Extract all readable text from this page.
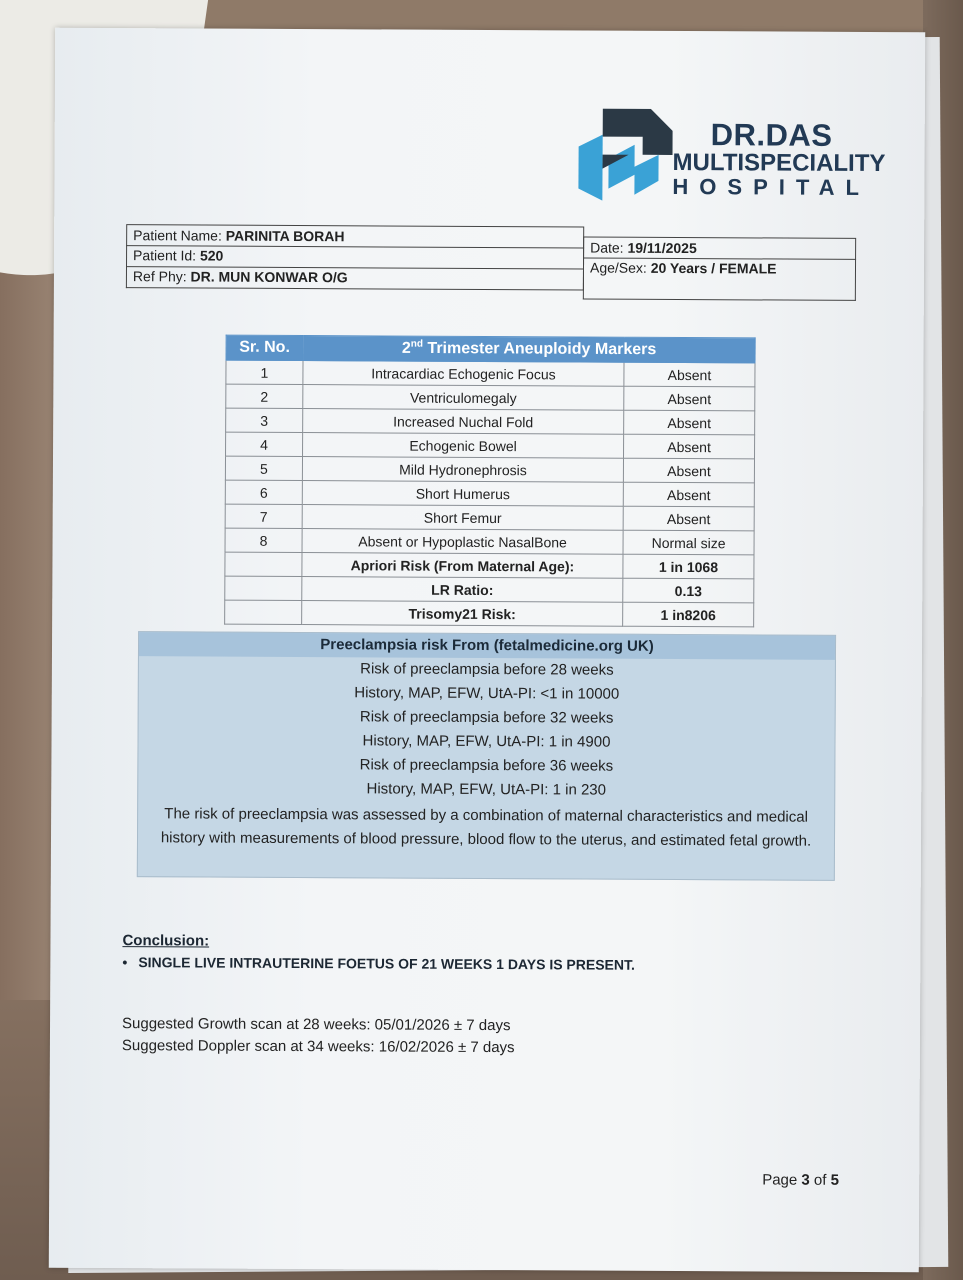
DR.DAS
MULTISPECIALITY
HOSPITAL
Patient Name: PARINITA BORAH
Patient Id: 520
Ref Phy: DR. MUN KONWAR O/G
Date: 19/11/2025
Age/Sex: 20 Years / FEMALE
Sr. No.	2nd Trimester Aneuploidy Markers	
1	Intracardiac Echogenic Focus	Absent
2	Ventriculomegaly	Absent
3	Increased Nuchal Fold	Absent
4	Echogenic Bowel	Absent
5	Mild Hydronephrosis	Absent
6	Short Humerus	Absent
7	Short Femur	Absent
8	Absent or Hypoplastic NasalBone	Normal size
	Apriori Risk (From Maternal Age):	1 in 1068
	LR Ratio:	0.13
	Trisomy21 Risk:	1 in8206
Preeclampsia risk From (fetalmedicine.org UK)
Risk of preeclampsia before 28 weeks
History, MAP, EFW, UtA-PI: <1 in 10000
Risk of preeclampsia before 32 weeks
History, MAP, EFW, UtA-PI: 1 in 4900
Risk of preeclampsia before 36 weeks
History, MAP, EFW, UtA-PI: 1 in 230
The risk of preeclampsia was assessed by a combination of maternal characteristics and medical history with measurements of blood pressure, blood flow to the uterus, and estimated fetal growth.
Conclusion:
• SINGLE LIVE INTRAUTERINE FOETUS OF 21 WEEKS 1 DAYS IS PRESENT.
Suggested Growth scan at 28 weeks: 05/01/2026 ± 7 days
Suggested Doppler scan at 34 weeks: 16/02/2026 ± 7 days
Page 3 of 5
